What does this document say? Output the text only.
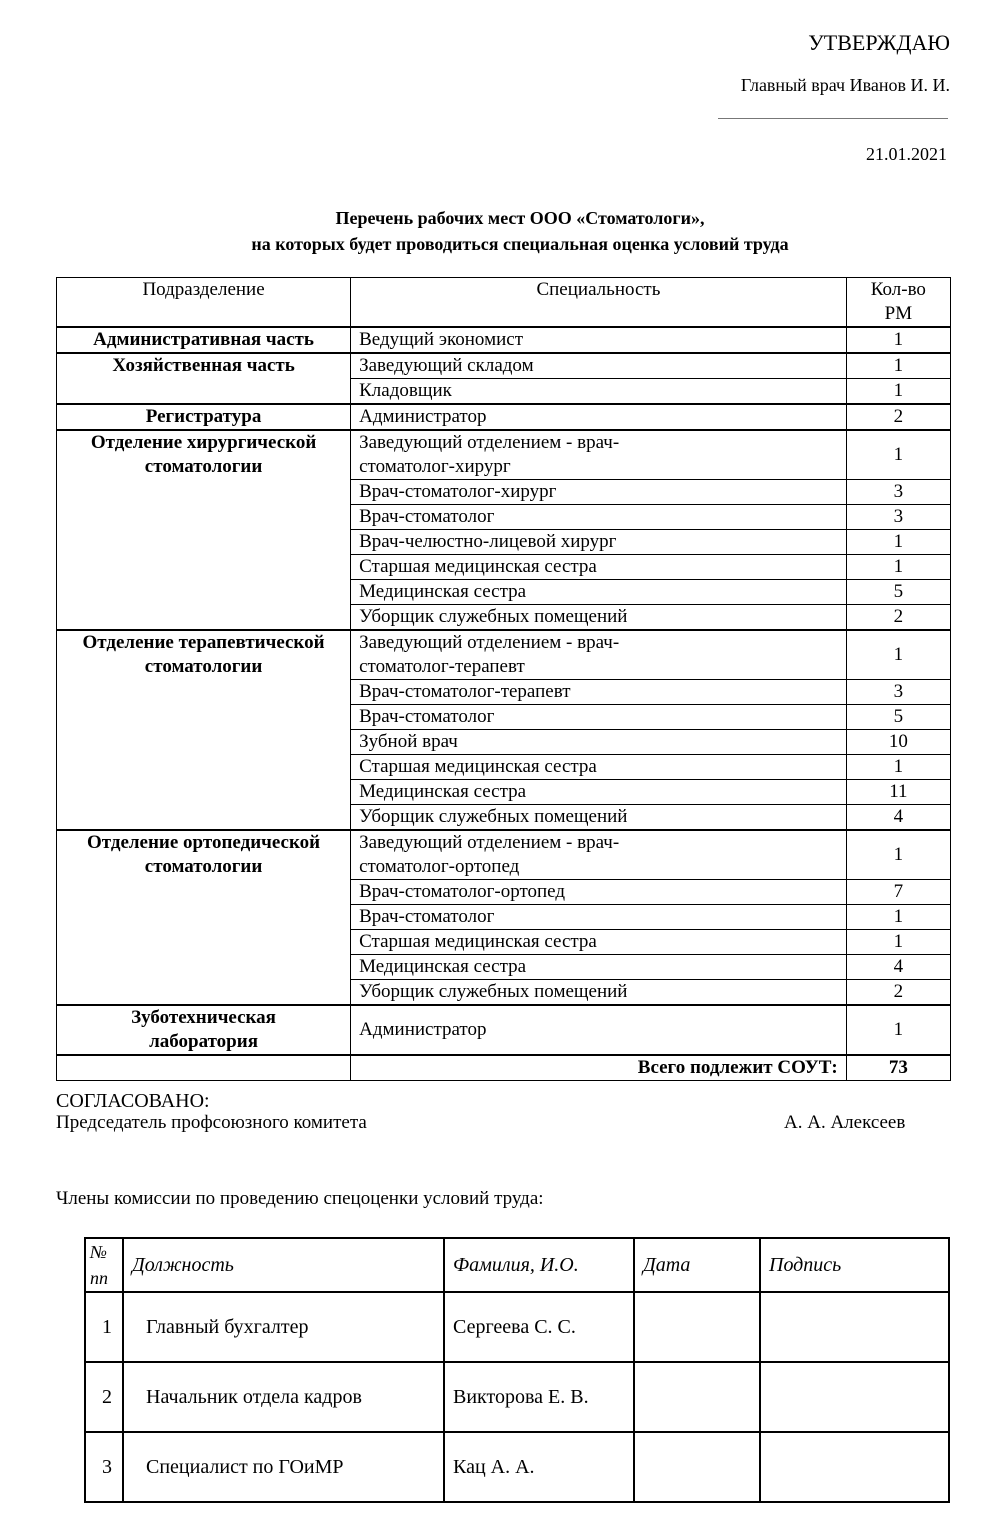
УТВЕРЖДАЮ
Главный врач Иванов И. И.
21.01.2021
Перечень рабочих мест ООО «Стоматологи»,
на которых будет проводиться специальная оценка условий труда
Подразделение	Специальность	Кол-во РМ
Административная часть	Ведущий экономист	1
Хозяйственная часть	Заведующий складом	1
	Кладовщик	1
Регистратура	Администратор	2
Отделение хирургической стоматологии	Заведующий отделением - врач-стоматолог-хирург	1
	Врач-стоматолог-хирург	3
	Врач-стоматолог	3
	Врач-челюстно-лицевой хирург	1
	Старшая медицинская сестра	1
	Медицинская сестра	5
	Уборщик служебных помещений	2
Отделение терапевтической стоматологии	Заведующий отделением - врач-стоматолог-терапевт	1
	Врач-стоматолог-терапевт	3
	Врач-стоматолог	5
	Зубной врач	10
	Старшая медицинская сестра	1
	Медицинская сестра	11
	Уборщик служебных помещений	4
Отделение ортопедической стоматологии	Заведующий отделением - врач-стоматолог-ортопед	1
	Врач-стоматолог-ортопед	7
	Врач-стоматолог	1
	Старшая медицинская сестра	1
	Медицинская сестра	4
	Уборщик служебных помещений	2
Зуботехническая лаборатория	Администратор	1
	Всего подлежит СОУТ:	73
СОГЛАСОВАНО:
Председатель профсоюзного комитета	А. А. Алексеев
Члены комиссии по проведению спецоценки условий труда:
№ пп	Должность	Фамилия, И.О.	Дата	Подпись
1	Главный бухгалтер	Сергеева С. С.		
2	Начальник отдела кадров	Викторова Е. В.		
3	Специалист по ГОиМР	Кац А. А.		
